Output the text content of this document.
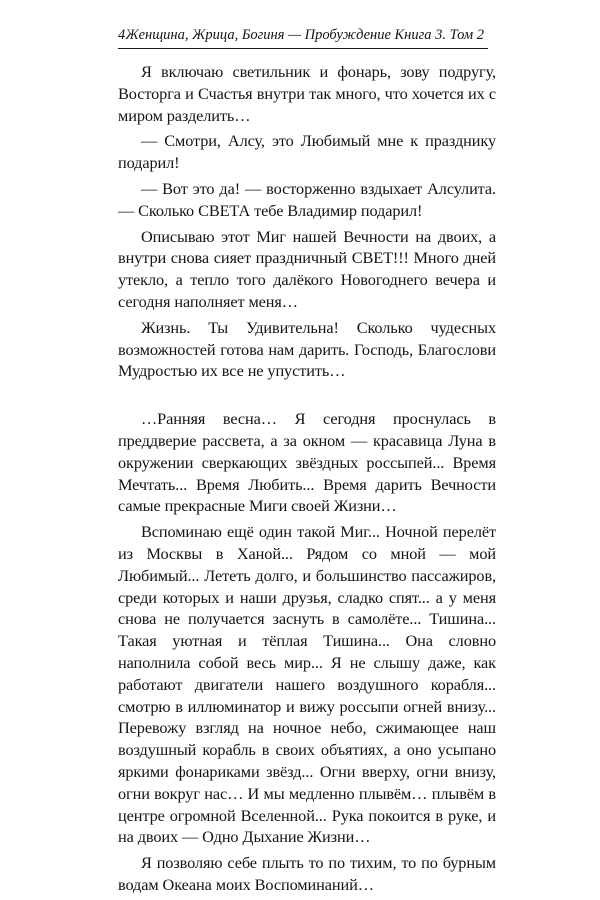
4 Женщина, Жрица, Богиня — Пробуждение Книга 3. Том 2

Я включаю светильник и фонарь, зову подругу, Восторга и Счастья внутри так много, что хочется их с миром разделить…

— Смотри, Алсу, это Любимый мне к празднику подарил!

— Вот это да! — восторженно вздыхает Алсулита. — Сколько СВЕТА тебе Владимир подарил!

Описываю этот Миг нашей Вечности на двоих, а внутри снова сияет праздничный СВЕТ!!! Много дней утекло, а тепло того далёкого Новогоднего вечера и сегодня наполняет меня…

Жизнь. Ты Удивительна! Сколько чудесных возможностей готова нам дарить. Господь, Благослови Мудростью их все не упустить…

…Ранняя весна… Я сегодня проснулась в преддверие рассвета, а за окном — красавица Луна в окружении сверкающих звёздных россыпей... Время Мечтать... Время Любить... Время дарить Вечности самые прекрасные Миги своей Жизни…

Вспоминаю ещё один такой Миг... Ночной перелёт из Москвы в Ханой... Рядом со мной — мой Любимый... Лететь долго, и большинство пассажиров, среди которых и наши друзья, сладко спят... а у меня снова не получается заснуть в самолёте... Тишина... Такая уютная и тёплая Тишина... Она словно наполнила собой весь мир... Я не слышу даже, как работают двигатели нашего воздушного корабля... смотрю в иллюминатор и вижу россыпи огней внизу... Перевожу взгляд на ночное небо, сжимающее наш воздушный корабль в своих объятиях, а оно усыпано яркими фонариками звёзд... Огни вверху, огни внизу, огни вокруг нас… И мы медленно плывём… плывём в центре огромной Вселенной... Рука покоится в руке, и на двоих — Одно Дыхание Жизни…

Я позволяю себе плыть то по тихим, то по бурным водам Океана моих Воспоминаний…
